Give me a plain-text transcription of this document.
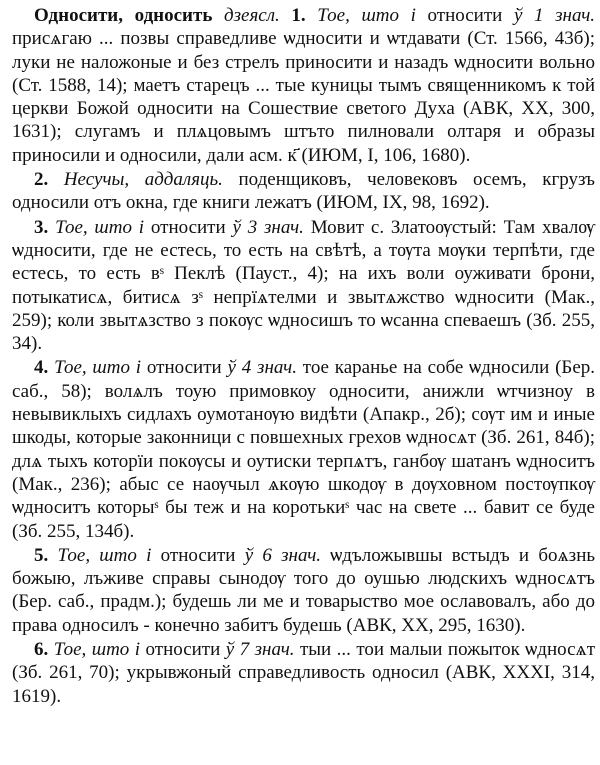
Односити, односить дзеясл. 1. Тое, што і относити ў 1 знач. присѧгаю ... позвы справедливе ѡдносити и ѡтдавати (Ст. 1566, 43б); луки не наложоные и без стрелъ приносити и назадъ ѡдносити вольно (Ст. 1588, 14); маетъ старецъ ... тые куницы тымъ священникомъ к той церкви Божой односити на Сошествие светого Духа (АВК, XX, 300, 1631); слугамъ и плѧцовымъ штъто пилновали олтаря и образы приносили и односили, дали асм. к҃ (ИЮМ, I, 106, 1680).

2. Несучы, аддаляць. поденщиковъ, человековъ осемъ, кгрузъ односили отъ окна, где книги лежатъ (ИЮМ, IX, 98, 1692).

3. Тое, што і относити ў 3 знач. Мовит с. Златоѹстый: Там хвалѹ ѡдносити, где не естесь, то есть на свѣтѣ, а тѹта мѹки терпѣти, где естесь, то есть вˢ Пеклѣ (Пауст., 4); на ихъ воли оуживати брони, потыкатисѧ, битисѧ зˢ непрїѧтелми и звытѧжство ѡдносити (Мак., 259); коли звытѧзство з покѹс ѡдносишъ то ѡсанна спеваешъ (Зб. 255, 34).

4. Тое, што і относити ў 4 знач. тое каранье на собе ѡдносили (Бер. саб., 58); волѧлъ тоую примовкоу односити, анижли ѡтчизноу в невывиклыхъ сидлахъ оумотанѹю видѣти (Апакр., 2б); сѹт им и иные шкоды, которые законници с повшехных грехов ѡдносѧт (Зб. 261, 84б); длѧ тыхъ которїи покѹсы и оутиски терпѧтъ, ганбѹ шатанъ ѡдноситъ (Мак., 236); абыс се наѹчыл ѧкѹю шкодѹ в дѹховном постѹпкѹ ѡдноситъ которыˢ бы теж и на коротькиˢ час на свете ... бавит се буде (Зб. 255, 134б).

5. Тое, што і относити ў 6 знач. ѡдъложывшы встыдъ и боѧзнь божыю, лъживе справы сынодѹ того до оушью людскихъ ѡдносѧтъ (Бер. саб., прадм.); будешь ли ме и товарыство мое ославовалъ, або до права односилъ - конечно забитъ будешь (АВК, XX, 295, 1630).

6. Тое, што і относити ў 7 знач. тыи ... тои малыи пожыток ѡдносѧт (Зб. 261, 70); укрывжоный справедливость односил (АВК, XXXI, 314, 1619).
